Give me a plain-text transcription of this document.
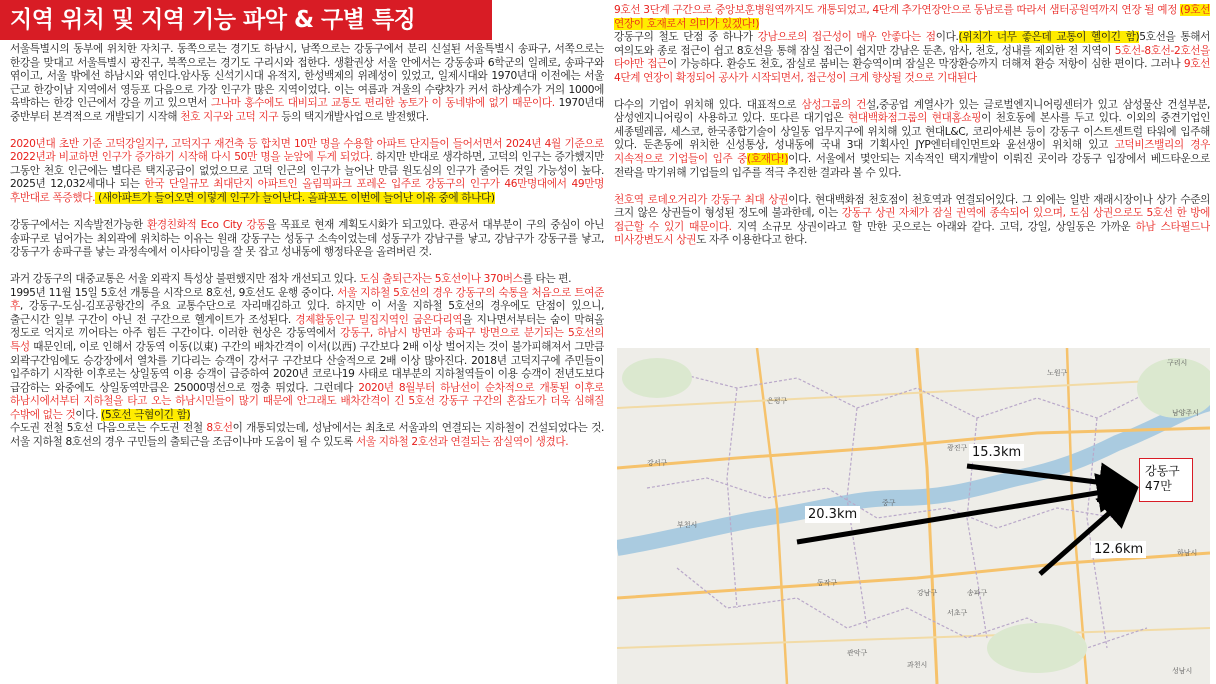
지역 위치 및 지역 기능 파악 & 구별 특징

서울특별시의 동부에 위치한 자치구. 동쪽으로는 경기도 하남시, 남쪽으로는 강동구에서 분리 신설된 서울특별시 송파구, 서쪽으로는 한강을 맞대고 서울특별시 광진구, 북쪽으로는 경기도 구리시와 접한다. 생활권상 서울 안에서는 강동송파 6학군의 일례로, 송파구와 엮이고, 서울 밖에선 하남시와 엮인다.암사동 신석기시대 유적지, 한성백제의 위례성이 있었고, 일제시대와 1970년대 이전에는 서울 근교 한강이남 지역에서 영등포 다음으로 가장 인구가 많은 지역이었다. 이는 여름과 겨울의 수량차가 커서 하상계수가 거의 1000에 육박하는 한강 인근에서 강을 끼고 있으면서 그나마 홍수에도 대비되고 교통도 편리한 농토가 이 동네밖에 없기 때문이다. 1970년대 중반부터 본격적으로 개발되기 시작해 천호 지구와 고덕 지구 등의 택지개발사업으로 발전했다.

2020년대 초반 기준 고덕강일지구, 고덕지구 재건축 등 합치면 10만 명을 수용할 아파트 단지들이 들어서면서 2024년 4월 기준으로 2022년과 비교하면 인구가 증가하기 시작해 다시 50만 명을 눈앞에 두게 되었다. 하지만 반대로 생각하면, 고덕의 인구는 증가했지만 그동안 천호 인근에는 별다른 택지공급이 없었으므로 고덕 인근의 인구가 늘어난 만큼 원도심의 인구가 줄어든 것일 가능성이 높다. 2025년 12,032세대나 되는 한국 단일규모 최대단지 아파트인 올림픽파크 포레온 입주로 강동구의 인구가 46만명대에서 49만명 후반대로 폭증했다. (새아파트가 들어오면 이렇게 인구가 늘어난다. 올파포도 이번에 늘어난 이유 중에 하나다)

강동구에서는 지속발전가능한 환경친화적 Eco City 강동을 목표로 현재 계획도시화가 되고있다. 관공서 대부분이 구의 중심이 아닌 송파구로 넘어가는 최외곽에 위치하는 이유는 원래 강동구는 성동구 소속이었는데 성동구가 강남구를 낳고, 강남구가 강동구를 낳고, 강동구가 송파구를 낳는 과정속에서 이사타이밍을 잘 못 잡고 성내동에 행정타운을 올려버린 것.

과거 강동구의 대중교통은 서울 외곽지 특성상 불편했지만 점차 개선되고 있다. 도심 출퇴근자는 5호선이나 370버스를 타는 편.

1995년 11월 15일 5호선 개통을 시작으로 8호선, 9호선도 운행 중이다. 서울 지하철 5호선의 경우 강동구의 숙통을 처음으로 트여준 후, 강동구-도심-김포공항간의 주요 교통수단으로 자리매김하고 있다. 하지만 이 서울 지하철 5호선의 경우에도 단점이 있으니, 출근시간 일부 구간이 아닌 전 구간으로 헬게이트가 조성된다. 경제활동인구 밀집지역인 굽은다리역을 지나면서부터는 숨이 막혀올 정도로 억지로 끼어타는 아주 힘든 구간이다. 이러한 현상은 강동역에서 강동구, 하남시 방면과 송파구 방면으로 분기되는 5호선의 특성 때문인데, 이로 인해서 강동역 이동(以東) 구간의 배차간격이 이서(以西) 구간보다 2배 이상 벌어지는 것이 불가피해져서 그만큼 외곽구간임에도 승강장에서 열차를 기다리는 승객이 강서구 구간보다 산술적으로 2배 이상 많아진다. 2018년 고덕지구에 주민들이 입주하기 시작한 이후로는 상일동역 이용 승객이 급증하여 2020년 코로나19 사태로 대부분의 지하철역들이 이용 승객이 전년도보다 급감하는 와중에도 상일동역만큼은 25000명선으로 껑충 뛰었다. 그런데다 2020년 8월부터 하남선이 순차적으로 개통된 이후로 하남시에서부터 지하철을 타고 오는 하남시민들이 많기 때문에 안그래도 배차간격이 긴 5호선 강동구 구간의 혼잡도가 더욱 심해질 수밖에 없는 것이다. (5호선 극혐이긴 함)

수도권 전철 5호선 다음으로는 수도권 전철 8호선이 개통되었는데, 성남에서는 최초로 서울과의 연결되는 지하철이 건설되었다는 것. 서울 지하철 8호선의 경우 구민들의 출퇴근을 조금이나마 도움이 될 수 있도록 서울 지하철 2호선과 연결되는 잠실역이 생겼다.

9호선 3단계 구간으로 중앙보훈병원역까지도 개통되었고, 4단계 추가연장안으로 동남로를 따라서 샘터공원역까지 연장 될 예정 (9호선 연장이 호재로서 의미가 있겠다!)

강동구의 철도 단점 중 하나가 강남으로의 접근성이 매우 안좋다는 점이다.(위치가 너무 좋은데 교통이 헬이긴 함)5호선을 통해서 여의도와 종로 접근이 쉽고 8호선을 통해 잠실 접근이 쉽지만 강남은 둔촌, 암사, 천호, 성내를 제외한 전 지역이 5호선-8호선-2호선을 타야만 접근이 가능하다. 환승도 천호, 잠실로 붐비는 환승역이며 잠실은 막장환승까지 더해져 환승 저항이 심한 편이다. 그러나 9호선 4단계 연장이 확정되어 공사가 시작되면서, 접근성이 크게 향상될 것으로 기대된다

다수의 기업이 위치해 있다. 대표적으로 삼성그룹의 건설,중공업 계열사가 있는 글로벌엔지니어링센터가 있고 삼성물산 건설부분, 삼성엔지니어링이 사용하고 있다. 또다른 대기업은 현대백화점그룹의 현대홈쇼핑이 천호동에 본사를 두고 있다. 이외의 중견기업인 세종텔레콤, 세스코, 한국종합기술이 상일동 업무지구에 위치해 있고 현대L&C, 코리아세븐 등이 강동구 이스트센트럴 타워에 입주해 있다. 둔촌동에 위치한 신성통상, 성내동에 국내 3대 기획사인 JYP엔터테인먼트와 윤선생이 위치해 있고 고덕비즈밸리의 경우 지속적으로 기업들이 입주 중(호재다!)이다. 서울에서 몇안되는 지속적인 택지개발이 이뤄진 곳이라 강동구 입장에서 베드타운으로 전락을 막기위해 기업들의 입주를 적극 추진한 결과라 볼 수 있다.

천호역 로데오거리가 강동구 최대 상권이다. 현대백화점 천호점이 천호역과 연결되어있다. 그 외에는 일반 재래시장이나 상가 수준의 크지 않은 상권들이 형성된 정도에 불과한데, 이는 강동구 상권 자체가 잠실 권역에 종속되어 있으며, 도심 상권으로도 5호선 한 방에 접근할 수 있기 때문이다. 지역 소규모 상권이라고 할 만한 곳으로는 아래와 같다. 고덕, 강일, 상일동은 가까운 하남 스타필드나 미사강변도시 상권도 자주 이용한다고 한다.

구리시
남양주시
은평구
중구
광진구
송파구
서초구
강남구
동작구
부천시
성남시
과천시
하남시
노원구
강서구
관악구
15.3km
20.3km
12.6km
강동구
47만
